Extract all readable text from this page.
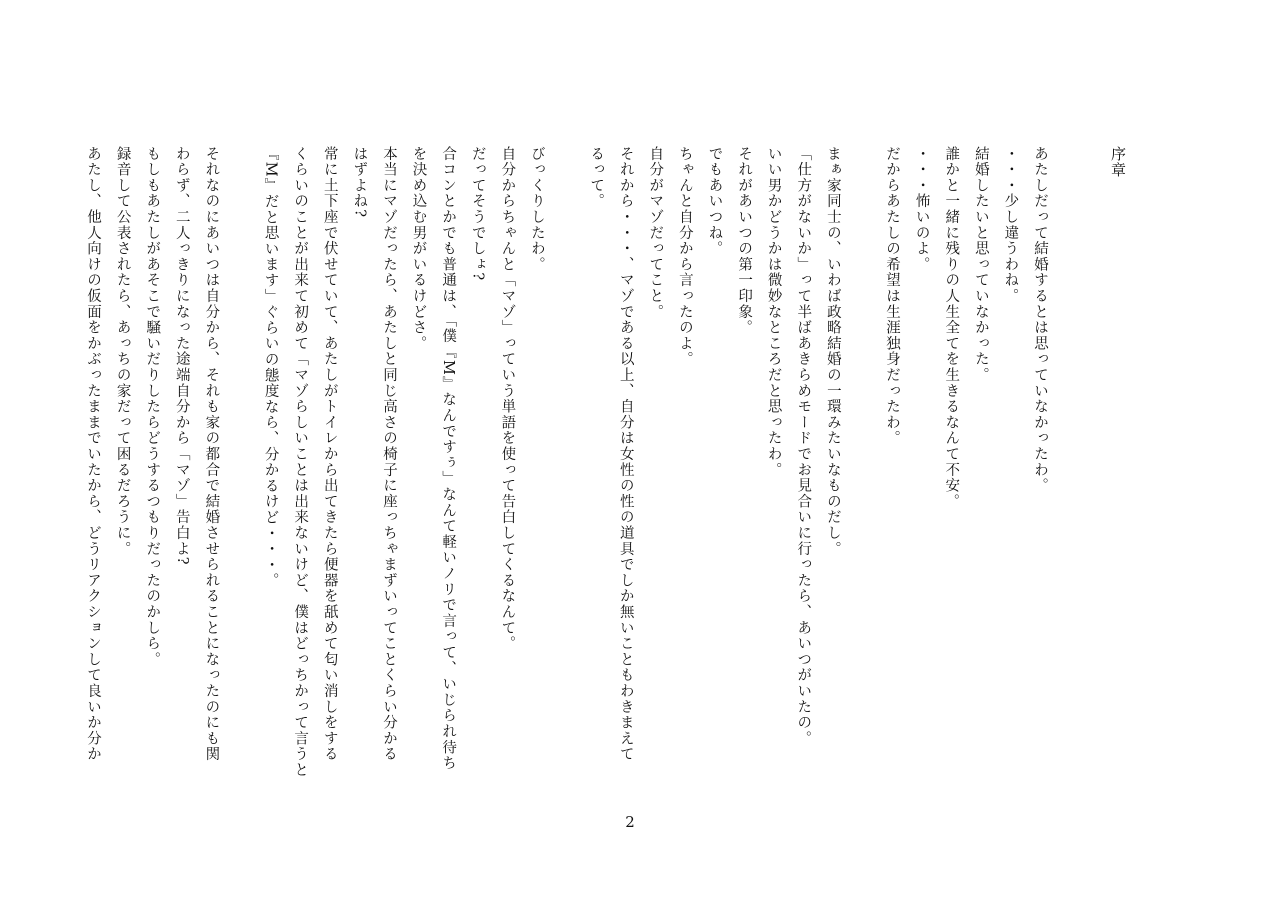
序章
あたしだって結婚するとは思っていなかったわ。
・・・少し違うわね。
結婚したいと思っていなかった。
誰かと一緒に残りの人生全てを生きるなんて不安。
・・・怖いのよ。
だからあたしの希望は生涯独身だったわ。
まぁ家同士の、いわば政略結婚の一環みたいなものだし。
「仕方がないか」って半ばあきらめモードでお見合いに行ったら、あいつがいたの。
いい男かどうかは微妙なところだと思ったわ。
それがあいつの第一印象。
でもあいつね。
ちゃんと自分から言ったのよ。
自分がマゾだってこと。
それから・・・、マゾである以上、自分は女性の性の道具でしか無いこともわきまえて
るって。
びっくりしたわ。
自分からちゃんと「マゾ」っていう単語を使って告白してくるなんて。
だってそうでしょ?
合コンとかでも普通は、「僕『M』なんですぅ」なんて軽いノリで言って、いじられ待ち
を決め込む男がいるけどさ。
本当にマゾだったら、あたしと同じ高さの椅子に座っちゃまずいってことくらい分かる
はずよね?
常に土下座で伏せていて、あたしがトイレから出てきたら便器を舐めて匂い消しをする
くらいのことが出来て初めて「マゾらしいことは出来ないけど、僕はどっちかって言うと
『M』だと思います」ぐらいの態度なら、分かるけど・・・。
それなのにあいつは自分から、それも家の都合で結婚させられることになったのにも関
わらず、二人っきりになった途端自分から「マゾ」告白よ?
もしもあたしがあそこで騒いだりしたらどうするつもりだったのかしら。
録音して公表されたら、あっちの家だって困るだろうに。
あたし、他人向けの仮面をかぶったままでいたから、どうリアクションして良いか分か
2
